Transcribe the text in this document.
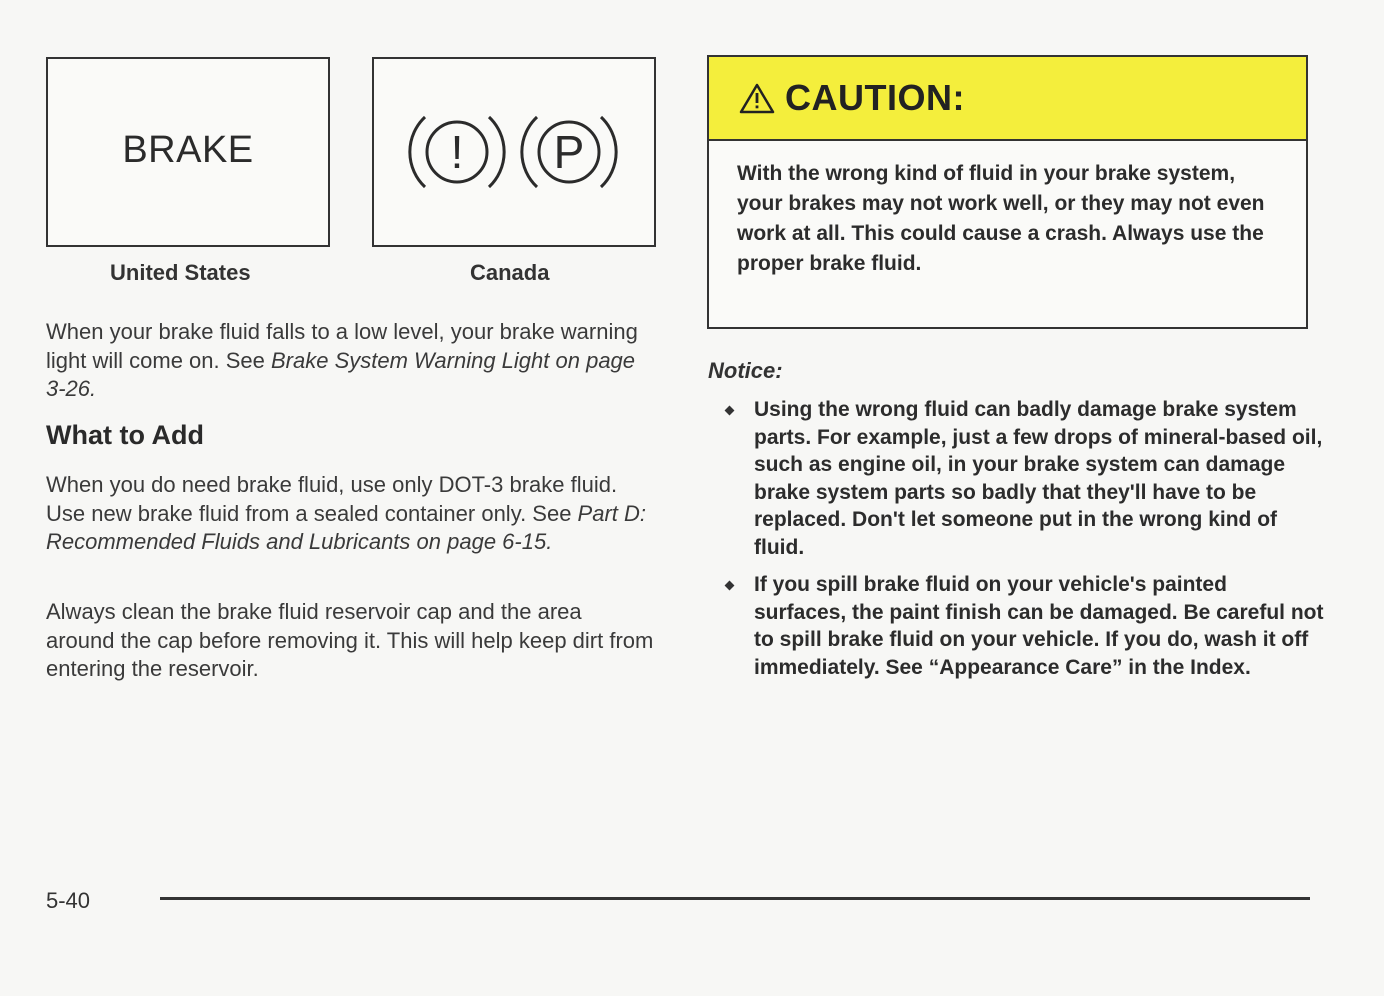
BRAKE	! P
United States	Canada

When your brake fluid falls to a low level, your brake warning light will come on. See Brake System Warning Light on page 3-26.

What to Add

When you do need brake fluid, use only DOT-3 brake fluid. Use new brake fluid from a sealed container only. See Part D: Recommended Fluids and Lubricants on page 6-15.

Always clean the brake fluid reservoir cap and the area around the cap before removing it. This will help keep dirt from entering the reservoir.

CAUTION:

With the wrong kind of fluid in your brake system, your brakes may not work well, or they may not even work at all. This could cause a crash. Always use the proper brake fluid.

Notice:
Using the wrong fluid can badly damage brake system parts. For example, just a few drops of mineral-based oil, such as engine oil, in your brake system can damage brake system parts so badly that they'll have to be replaced. Don't let someone put in the wrong kind of fluid.
If you spill brake fluid on your vehicle's painted surfaces, the paint finish can be damaged. Be careful not to spill brake fluid on your vehicle. If you do, wash it off immediately. See “Appearance Care” in the Index.
5-40
